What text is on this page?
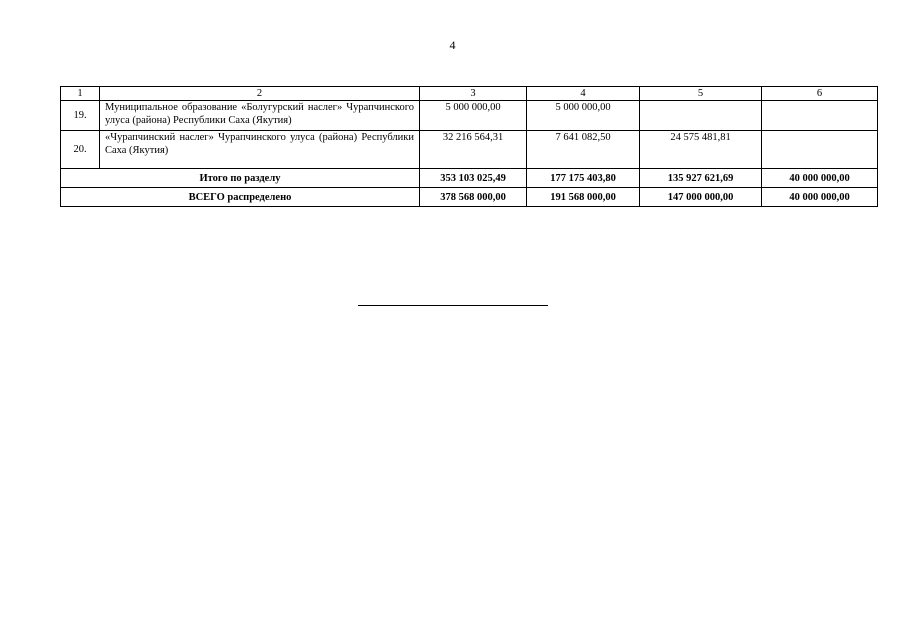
4
1	2	3	4	5	6
19.	Муниципальное образование «Болугурский наслег» Чурапчинского улуса (района) Республики Саха (Якутия)	5 000 000,00	5 000 000,00		
20.	«Чурапчинский наслег» Чурапчинского улуса (района) Республики Саха (Якутия)	32 216 564,31	7 641 082,50	24 575 481,81	
Итого по разделу		353 103 025,49	177 175 403,80	135 927 621,69	40 000 000,00
ВСЕГО распределено		378 568 000,00	191 568 000,00	147 000 000,00	40 000 000,00
